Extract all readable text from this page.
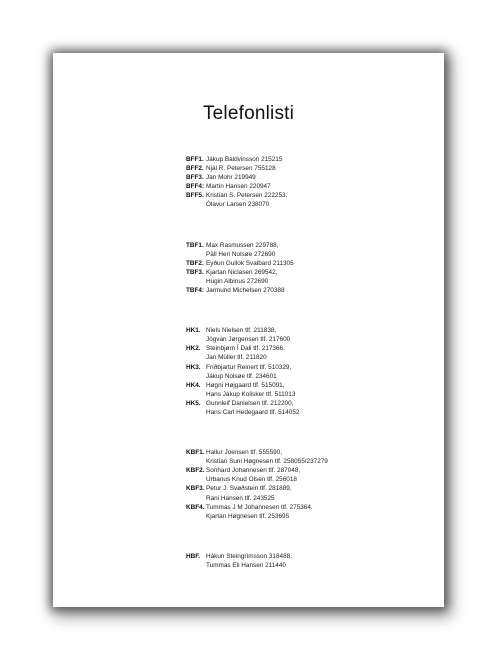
Telefonlisti
BFF1. Jákup Baldvinsson 215215
BFF2. Njál R. Petersen 755128
BFF3. Jan Mohr 219949
BFF4: Martin Hansen 220947
BFF5. Kristian S. Petersen 222253.
Ólavur Larsen 238070
TBF1. Max Rasmussen 229788,
Pàll Heri Nolsøe 272690
TBF2. Eyðun Gullok Svalbard 211305
TBF3. Kjartan Niclasen 269542,
Hugin Albinus 272690
TBF4: Jarmund Michelsen 270388
HK1. Niels Nielsen tlf. 211838,
Jógvan Jørgensen tlf. 217600
HK2. Steinbjørn Í Dali tlf. 217366,
Jan Müller tlf. 211820
HK3. Fríðbjartur Reinert tlf. 510329,
Jákup Nolsøe tlf. 234601
HK4. Høgni Højgaard tlf. 515091,
Hans Jákup Kolisker tlf. 511013
HK5. Gunnleif Danielsen tlf. 212200,
Hans Carl Hedegaard tlf. 514052
KBF1. Hallur Joensen tlf. 555590,
Kristian Suni Høgnesen tlf. 258055/237279
KBF2. Sonhard Johannesen tlf. 287048,
Urbanus Knud Olsen tlf. 256018
KBF3. Petur J. Svøðstein tlf. 281889,
Rani Hansen tlf. 243525
KBF4. Tummas J M Johannesen tlf. 275364.
Kjartan Høgnesen tlf. 253695
HBF. Hákun Steingrímsson 318488,
Tummas Eli Hansen 211440
